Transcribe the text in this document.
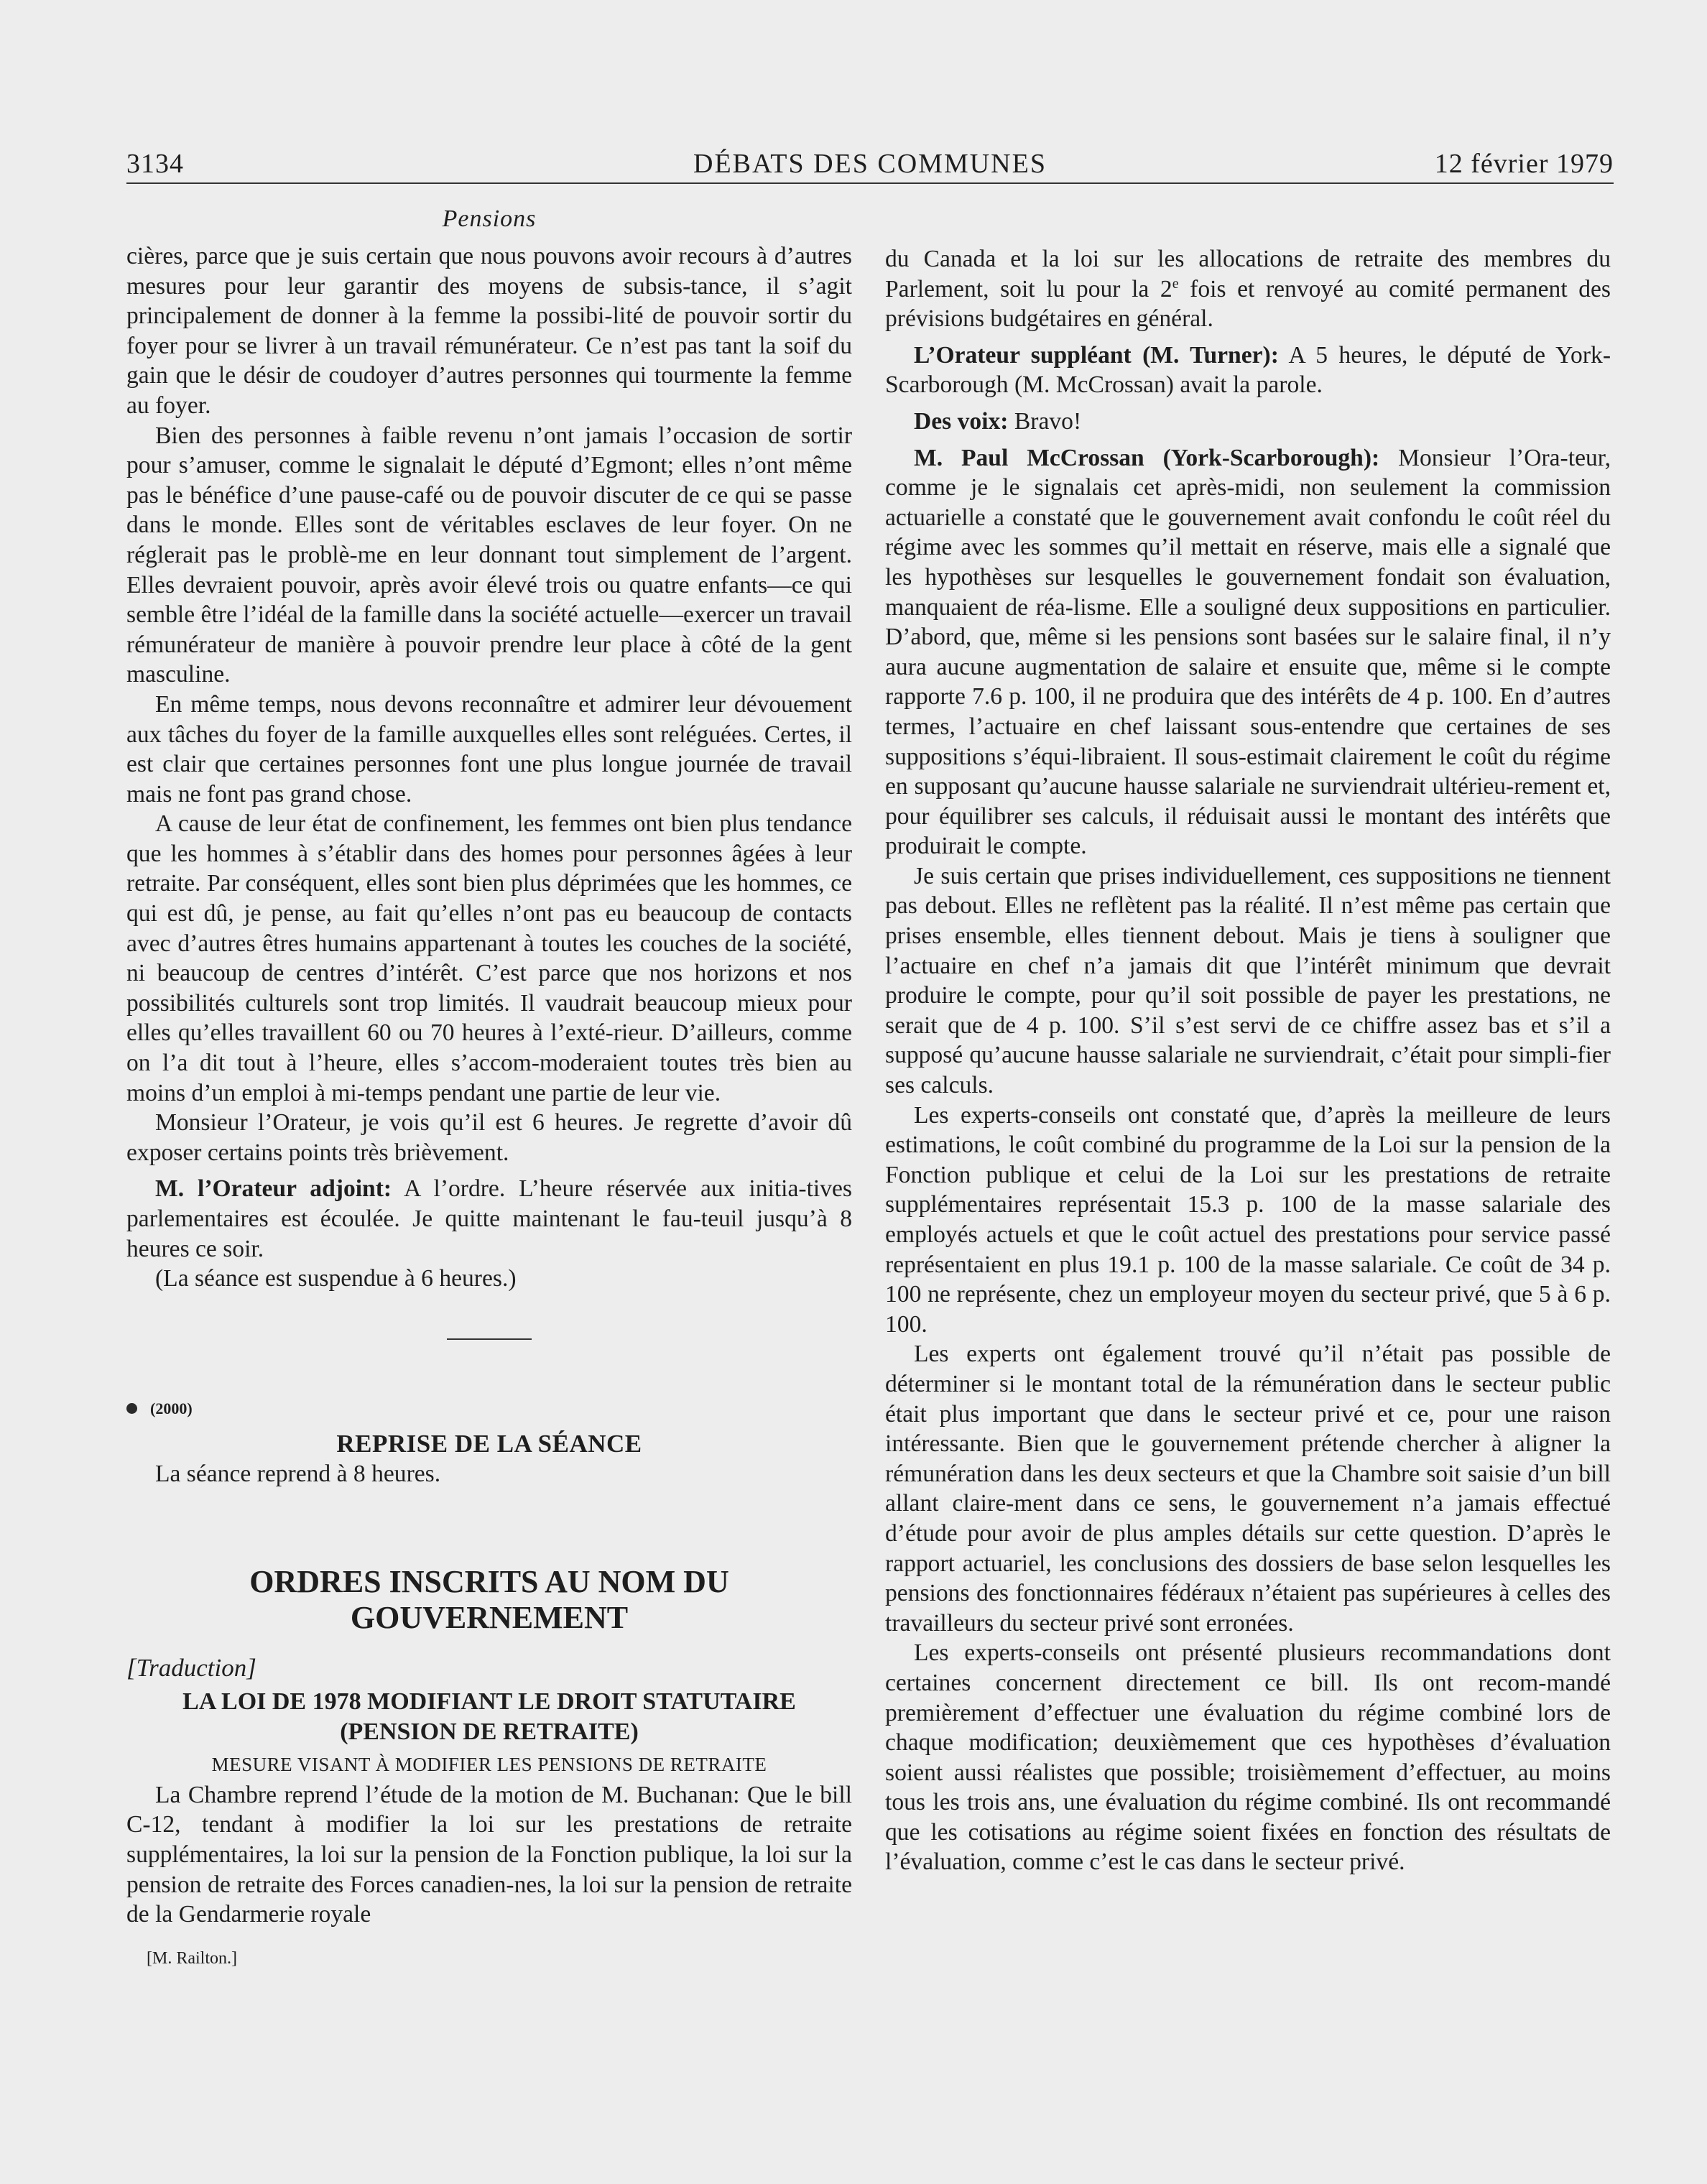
3134	DÉBATS DES COMMUNES	12 février 1979
Pensions

cières, parce que je suis certain que nous pouvons avoir recours à d’autres mesures pour leur garantir des moyens de subsis-tance, il s’agit principalement de donner à la femme la possibi-lité de pouvoir sortir du foyer pour se livrer à un travail rémunérateur. Ce n’est pas tant la soif du gain que le désir de coudoyer d’autres personnes qui tourmente la femme au foyer.

Bien des personnes à faible revenu n’ont jamais l’occasion de sortir pour s’amuser, comme le signalait le député d’Egmont; elles n’ont même pas le bénéfice d’une pause-café ou de pouvoir discuter de ce qui se passe dans le monde. Elles sont de véritables esclaves de leur foyer. On ne réglerait pas le problè-me en leur donnant tout simplement de l’argent. Elles devraient pouvoir, après avoir élevé trois ou quatre enfants—ce qui semble être l’idéal de la famille dans la société actuelle—exercer un travail rémunérateur de manière à pouvoir prendre leur place à côté de la gent masculine.

En même temps, nous devons reconnaître et admirer leur dévouement aux tâches du foyer de la famille auxquelles elles sont reléguées. Certes, il est clair que certaines personnes font une plus longue journée de travail mais ne font pas grand chose.

A cause de leur état de confinement, les femmes ont bien plus tendance que les hommes à s’établir dans des homes pour personnes âgées à leur retraite. Par conséquent, elles sont bien plus déprimées que les hommes, ce qui est dû, je pense, au fait qu’elles n’ont pas eu beaucoup de contacts avec d’autres êtres humains appartenant à toutes les couches de la société, ni beaucoup de centres d’intérêt. C’est parce que nos horizons et nos possibilités culturels sont trop limités. Il vaudrait beaucoup mieux pour elles qu’elles travaillent 60 ou 70 heures à l’exté-rieur. D’ailleurs, comme on l’a dit tout à l’heure, elles s’accom-moderaient toutes très bien au moins d’un emploi à mi-temps pendant une partie de leur vie.

Monsieur l’Orateur, je vois qu’il est 6 heures. Je regrette d’avoir dû exposer certains points très brièvement.

M. l’Orateur adjoint: A l’ordre. L’heure réservée aux initia-tives parlementaires est écoulée. Je quitte maintenant le fau-teuil jusqu’à 8 heures ce soir.

(La séance est suspendue à 6 heures.)

(2000)
REPRISE DE LA SÉANCE

La séance reprend à 8 heures.

ORDRES INSCRITS AU NOM DU
GOUVERNEMENT
[Traduction]
LA LOI DE 1978 MODIFIANT LE DROIT STATUTAIRE
(PENSION DE RETRAITE)
MESURE VISANT À MODIFIER LES PENSIONS DE RETRAITE

La Chambre reprend l’étude de la motion de M. Buchanan: Que le bill C-12, tendant à modifier la loi sur les prestations de retraite supplémentaires, la loi sur la pension de la Fonction publique, la loi sur la pension de retraite des Forces canadien-nes, la loi sur la pension de retraite de la Gendarmerie royale

[M. Railton.]

du Canada et la loi sur les allocations de retraite des membres du Parlement, soit lu pour la 2e fois et renvoyé au comité permanent des prévisions budgétaires en général.

L’Orateur suppléant (M. Turner): A 5 heures, le député de York-Scarborough (M. McCrossan) avait la parole.

Des voix: Bravo!

M. Paul McCrossan (York-Scarborough): Monsieur l’Ora-teur, comme je le signalais cet après-midi, non seulement la commission actuarielle a constaté que le gouvernement avait confondu le coût réel du régime avec les sommes qu’il mettait en réserve, mais elle a signalé que les hypothèses sur lesquelles le gouvernement fondait son évaluation, manquaient de réa-lisme. Elle a souligné deux suppositions en particulier. D’abord, que, même si les pensions sont basées sur le salaire final, il n’y aura aucune augmentation de salaire et ensuite que, même si le compte rapporte 7.6 p. 100, il ne produira que des intérêts de 4 p. 100. En d’autres termes, l’actuaire en chef laissant sous-entendre que certaines de ses suppositions s’équi-libraient. Il sous-estimait clairement le coût du régime en supposant qu’aucune hausse salariale ne surviendrait ultérieu-rement et, pour équilibrer ses calculs, il réduisait aussi le montant des intérêts que produirait le compte.

Je suis certain que prises individuellement, ces suppositions ne tiennent pas debout. Elles ne reflètent pas la réalité. Il n’est même pas certain que prises ensemble, elles tiennent debout. Mais je tiens à souligner que l’actuaire en chef n’a jamais dit que l’intérêt minimum que devrait produire le compte, pour qu’il soit possible de payer les prestations, ne serait que de 4 p. 100. S’il s’est servi de ce chiffre assez bas et s’il a supposé qu’aucune hausse salariale ne surviendrait, c’était pour simpli-fier ses calculs.

Les experts-conseils ont constaté que, d’après la meilleure de leurs estimations, le coût combiné du programme de la Loi sur la pension de la Fonction publique et celui de la Loi sur les prestations de retraite supplémentaires représentait 15.3 p. 100 de la masse salariale des employés actuels et que le coût actuel des prestations pour service passé représentaient en plus 19.1 p. 100 de la masse salariale. Ce coût de 34 p. 100 ne représente, chez un employeur moyen du secteur privé, que 5 à 6 p. 100.

Les experts ont également trouvé qu’il n’était pas possible de déterminer si le montant total de la rémunération dans le secteur public était plus important que dans le secteur privé et ce, pour une raison intéressante. Bien que le gouvernement prétende chercher à aligner la rémunération dans les deux secteurs et que la Chambre soit saisie d’un bill allant claire-ment dans ce sens, le gouvernement n’a jamais effectué d’étude pour avoir de plus amples détails sur cette question. D’après le rapport actuariel, les conclusions des dossiers de base selon lesquelles les pensions des fonctionnaires fédéraux n’étaient pas supérieures à celles des travailleurs du secteur privé sont erronées.

Les experts-conseils ont présenté plusieurs recommandations dont certaines concernent directement ce bill. Ils ont recom-mandé premièrement d’effectuer une évaluation du régime combiné lors de chaque modification; deuxièmement que ces hypothèses d’évaluation soient aussi réalistes que possible; troisièmement d’effectuer, au moins tous les trois ans, une évaluation du régime combiné. Ils ont recommandé que les cotisations au régime soient fixées en fonction des résultats de l’évaluation, comme c’est le cas dans le secteur privé.
